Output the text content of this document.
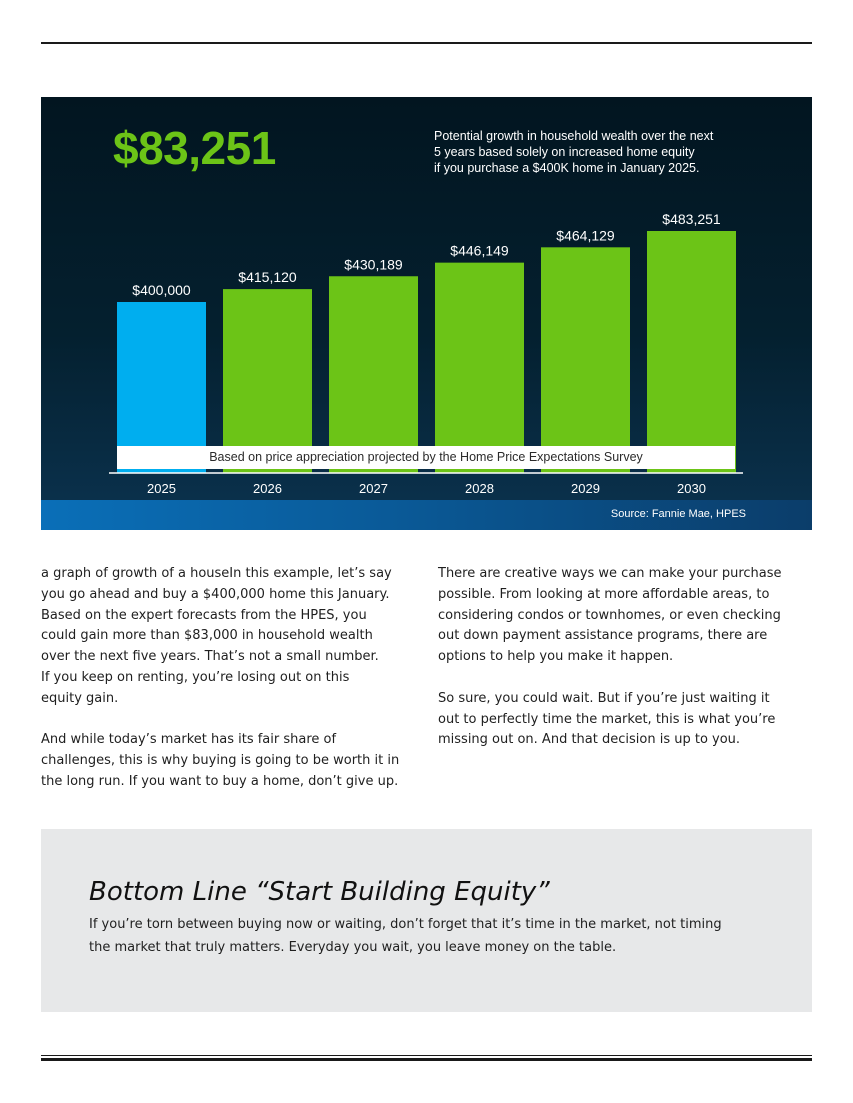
$400,000
2025
$415,120
2026
$430,189
2027
$446,149
2028
$464,129
2029
$483,251
2030
$83,251	Potential growth in household wealth over the next
5 years based solely on increased home equity
if you purchase a $400K home in January 2025.
Based on price appreciation projected by the Home Price Expectations Survey
Source: Fannie Mae, HPES

a graph of growth of a houseIn this example, let’s say
you go ahead and buy a $400,000 home this January.
Based on the expert forecasts from the HPES, you
could gain more than $83,000 in household wealth
over the next five years. That’s not a small number.
If you keep on renting, you’re losing out on this
equity gain.

And while today’s market has its fair share of
challenges, this is why buying is going to be worth it in
the long run. If you want to buy a home, don’t give up.

There are creative ways we can make your purchase
possible. From looking at more affordable areas, to
considering condos or townhomes, or even checking
out down payment assistance programs, there are
options to help you make it happen.

So sure, you could wait. But if you’re just waiting it
out to perfectly time the market, this is what you’re
missing out on. And that decision is up to you.

Bottom Line “Start Building Equity”
If you’re torn between buying now or waiting, don’t forget that it’s time in the market, not timing
the market that truly matters. Everyday you wait, you leave money on the table.
